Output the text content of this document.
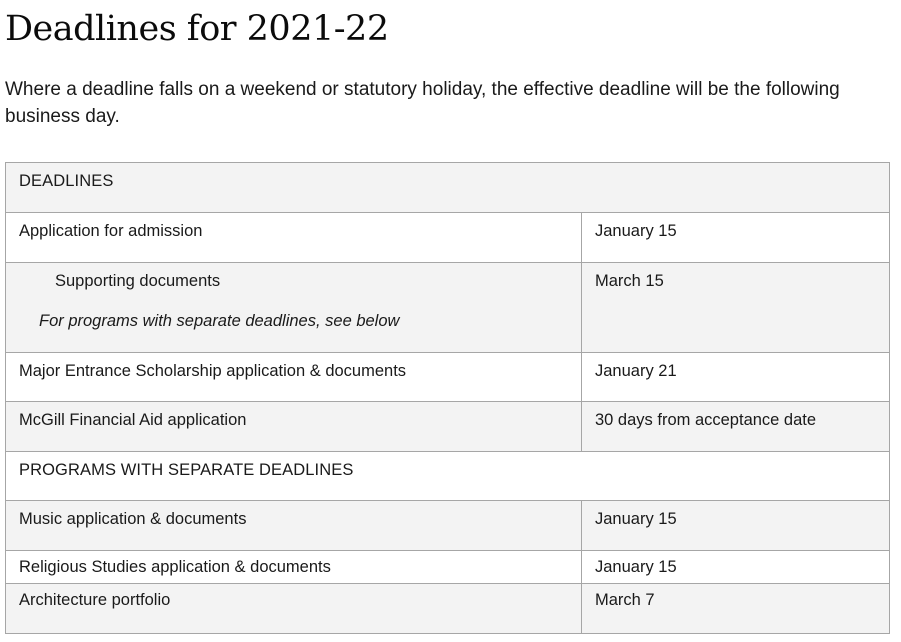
Deadlines for 2021-22

Where a deadline falls on a weekend or statutory holiday, the effective deadline will be the following business day.

DEADLINES	
Application for admission	January 15

Supporting documents
For programs with separate deadlines, see below	March 15
Major Entrance Scholarship application & documents	January 21
McGill Financial Aid application	30 days from acceptance date
PROGRAMS WITH SEPARATE DEADLINES	
Music application & documents	January 15
Religious Studies application & documents	January 15
Architecture portfolio	March 7
